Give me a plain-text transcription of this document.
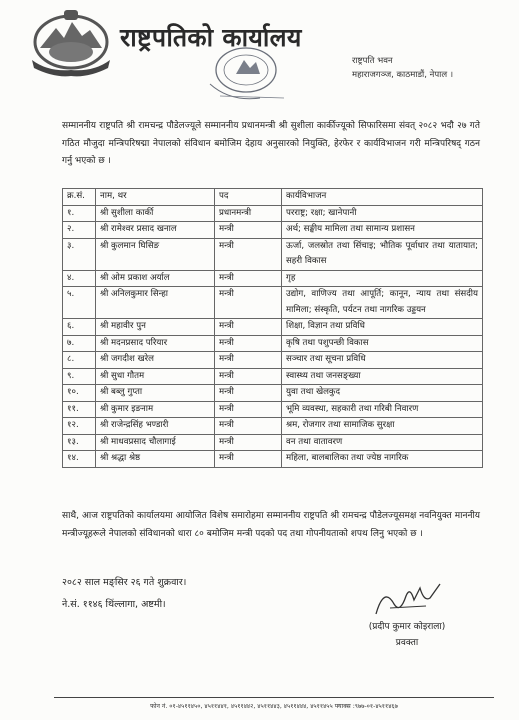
राष्ट्रपतिको कार्यालय
राष्ट्रपति भवन
महाराजगञ्ज, काठमाडौं, नेपाल ।
सम्माननीय राष्ट्रपति श्री रामचन्द्र पौडेलज्यूले सम्माननीय प्रधानमन्त्री श्री सुशीला कार्कीज्यूको सिफारिसमा संवत् २०८२ भदौ २७ गते गठित मौजुदा मन्त्रिपरिषद्मा नेपालको संविधान बमोजिम देहाय अनुसारको नियुक्ति, हेरफेर र कार्यविभाजन गरी मन्त्रिपरिषद् गठन गर्नु भएको छ ।
क्र.सं.	नाम, थर	पद	कार्यविभाजन
१.	श्री सुशीला कार्की	प्रधानमन्त्री	परराष्ट्र; रक्षा; खानेपानी
२.	श्री रामेश्वर प्रसाद खनाल	मन्त्री	अर्थ; सङ्घीय मामिला तथा सामान्य प्रशासन
३.	श्री कुलमान घिसिङ	मन्त्री	ऊर्जा, जलस्रोत तथा सिंचाइ; भौतिक पूर्वाधार तथा यातायात; सहरी विकास
४.	श्री ओम प्रकाश अर्याल	मन्त्री	गृह
५.	श्री अनिलकुमार सिन्हा	मन्त्री	उद्योग, वाणिज्य तथा आपूर्ति; कानून, न्याय तथा संसदीय मामिला; संस्कृति, पर्यटन तथा नागरिक उड्डयन
६.	श्री महावीर पुन	मन्त्री	शिक्षा, विज्ञान तथा प्रविधि
७.	श्री मदनप्रसाद परियार	मन्त्री	कृषि तथा पशुपन्छी विकास
८.	श्री जगदीश खरेल	मन्त्री	सञ्चार तथा सूचना प्रविधि
९.	श्री सुधा गौतम	मन्त्री	स्वास्थ्य तथा जनसङ्ख्या
१०.	श्री बब्लु गुप्ता	मन्त्री	युवा तथा खेलकुद
११.	श्री कुमार इङनाम	मन्त्री	भूमि व्यवस्था, सहकारी तथा गरिबी निवारण
१२.	श्री राजेन्द्रसिंह भण्डारी	मन्त्री	श्रम, रोजगार तथा सामाजिक सुरक्षा
१३.	श्री माधवप्रसाद चौलागाई	मन्त्री	वन तथा वातावरण
१४.	श्री श्रद्धा श्रेष्ठ	मन्त्री	महिला, बालबालिका तथा ज्येष्ठ नागरिक
साथै, आज राष्ट्रपतिको कार्यालयमा आयोजित विशेष समारोहमा सम्माननीय राष्ट्रपति श्री रामचन्द्र पौडेलज्यूसमक्ष नवनियुक्त माननीय मन्त्रीज्यूहरूले नेपालको संविधानको धारा ८० बमोजिम मन्त्री पदको पद तथा गोपनीयताको शपथ लिनु भएको छ ।
२०८२ साल मङ्सिर २६ गते शुक्रवार।
ने.सं. ११४६ थिंल्लागा, अष्टमी।
(प्रदीप कुमार कोइराला)
प्रवक्ता
फोन नं. ०१-४५११४५०, ४५११४४१, ४५११४४२, ४५११४४३, ४५११४४४, ४५११४५५ फ्याक्स :९७७-०१-४५११४६७
